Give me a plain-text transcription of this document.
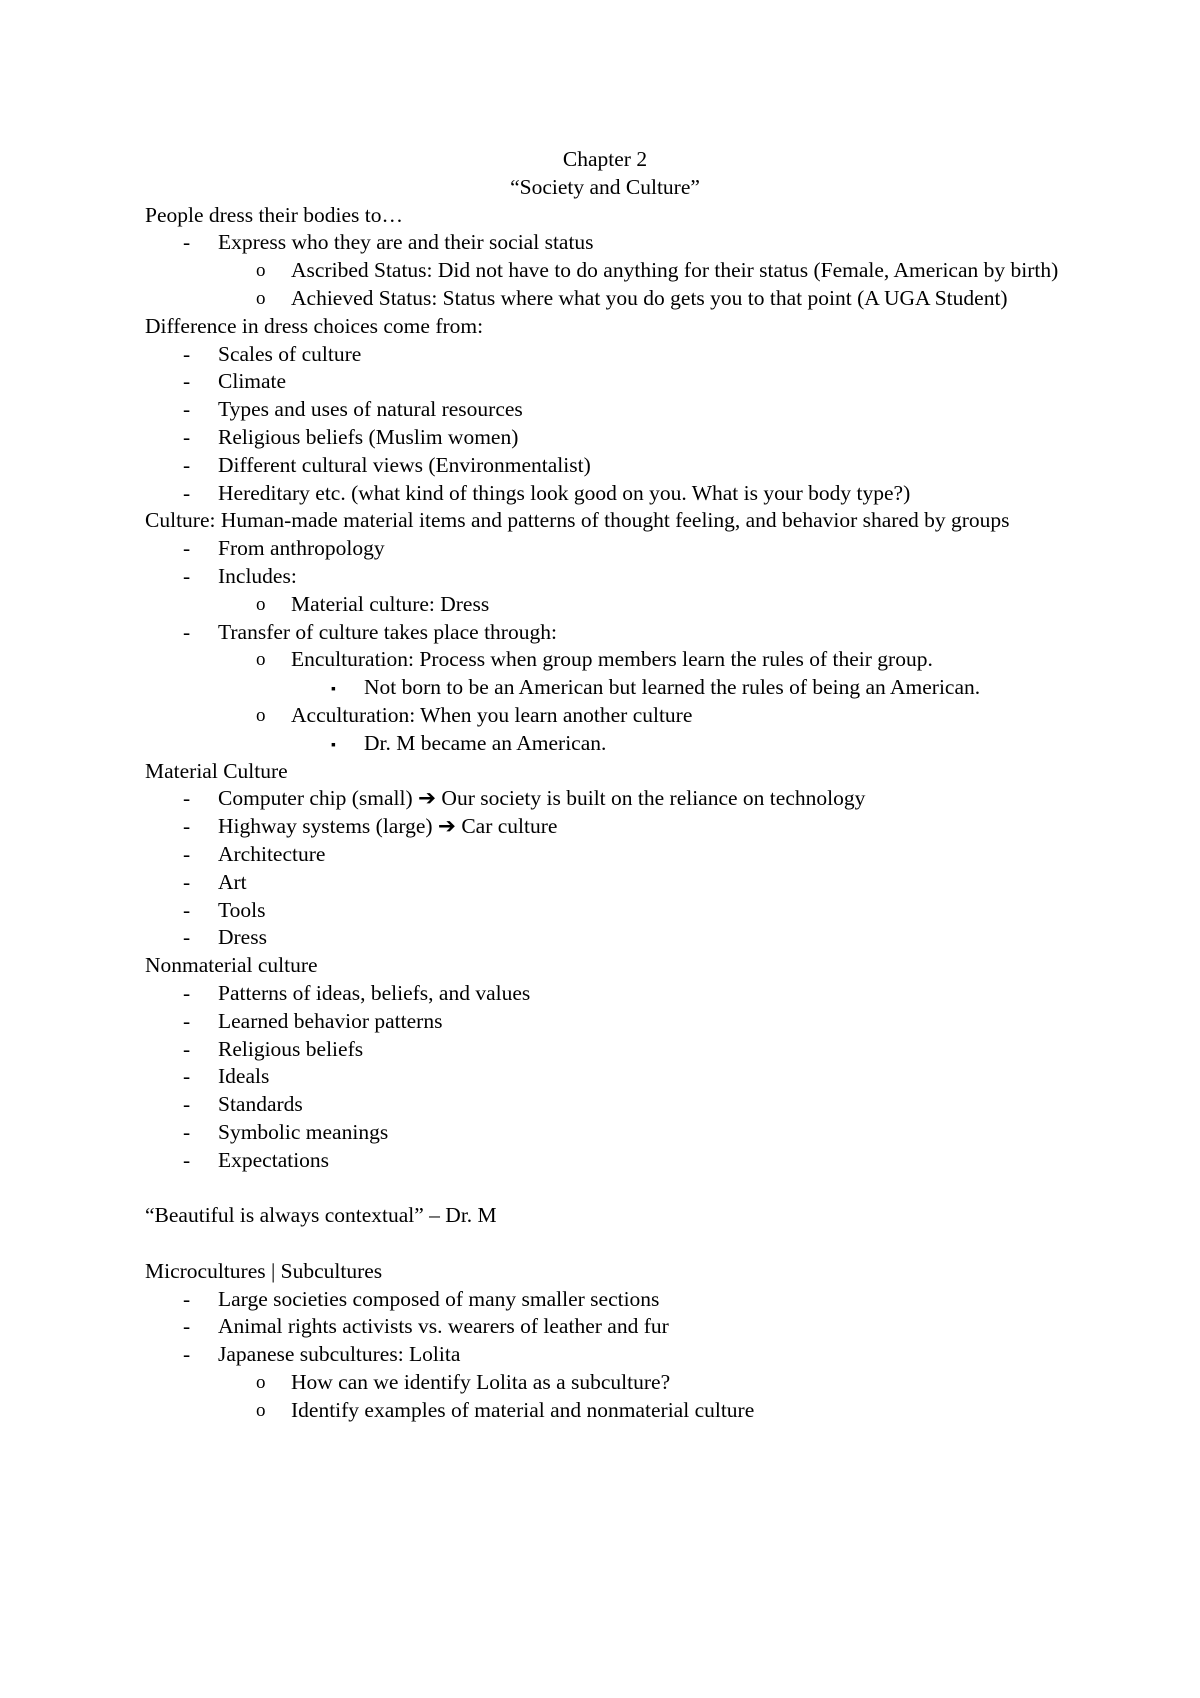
Chapter 2
“Society and Culture”
People dress their bodies to…
- Express who they are and their social status
o Ascribed Status: Did not have to do anything for their status (Female, American by birth)
o Achieved Status: Status where what you do gets you to that point (A UGA Student)
Difference in dress choices come from:
- Scales of culture
- Climate
- Types and uses of natural resources
- Religious beliefs (Muslim women)
- Different cultural views (Environmentalist)
- Hereditary etc. (what kind of things look good on you. What is your body type?)
Culture: Human-made material items and patterns of thought feeling, and behavior shared by groups
- From anthropology
- Includes:
o Material culture: Dress
- Transfer of culture takes place through:
o Enculturation: Process when group members learn the rules of their group.
▪ Not born to be an American but learned the rules of being an American.
o Acculturation: When you learn another culture
▪ Dr. M became an American.
Material Culture
- Computer chip (small) ➔ Our society is built on the reliance on technology
- Highway systems (large) ➔ Car culture
- Architecture
- Art
- Tools
- Dress
Nonmaterial culture
- Patterns of ideas, beliefs, and values
- Learned behavior patterns
- Religious beliefs
- Ideals
- Standards
- Symbolic meanings
- Expectations
“Beautiful is always contextual” – Dr. M
Microcultures | Subcultures
- Large societies composed of many smaller sections
- Animal rights activists vs. wearers of leather and fur
- Japanese subcultures: Lolita
o How can we identify Lolita as a subculture?
o Identify examples of material and nonmaterial culture
